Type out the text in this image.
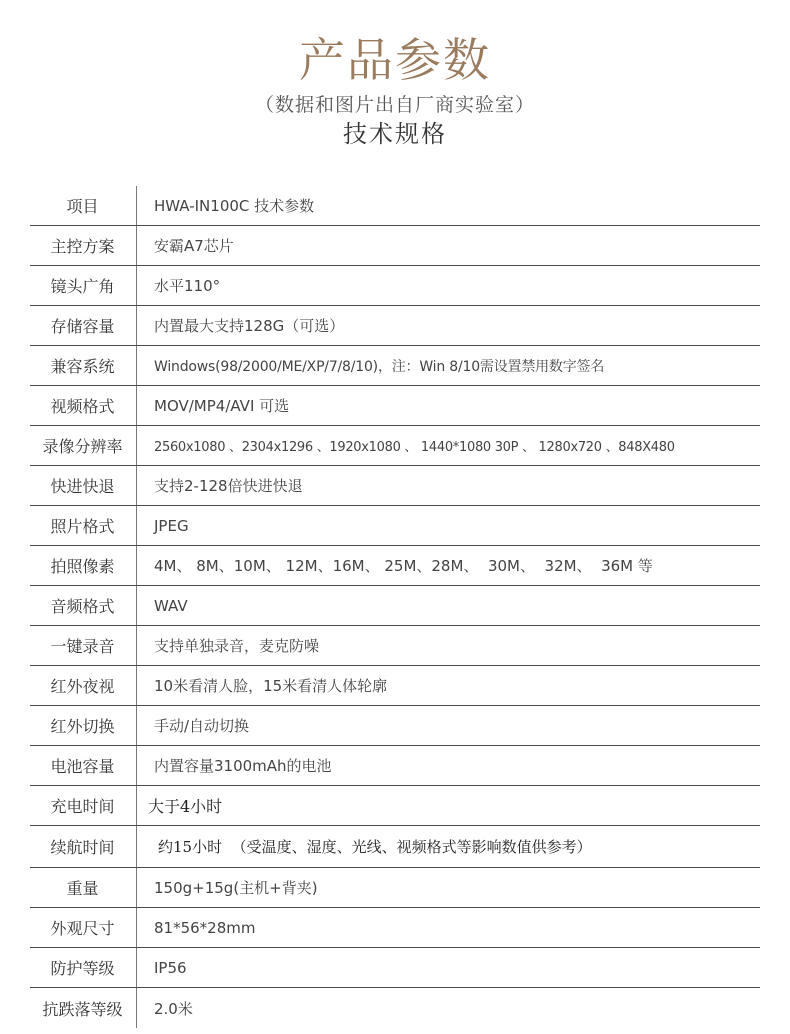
产品参数
（数据和图片出自厂商实验室）
技术规格
项目	HWA-IN100C 技术参数
主控方案	安霸A7芯片
镜头广角	水平110°
存储容量	内置最大支持128G（可选）
兼容系统	Windows(98/2000/ME/XP/7/8/10)，注：Win 8/10需设置禁用数字签名
视频格式	MOV/MP4/AVI 可选
录像分辨率	2560x1080 、2304x1296 、1920x1080 、 1440*1080 30P 、 1280x720 、848X480
快进快退	支持2-128倍快进快退
照片格式	JPEG
拍照像素	4M、 8M、10M、 12M、16M、 25M、28M、  30M、  32M、  36M 等
音频格式	WAV
一键录音	支持单独录音，麦克防噪
红外夜视	10米看清人脸，15米看清人体轮廓
红外切换	手动/自动切换
电池容量	内置容量3100mAh的电池
充电时间	大于4小时
续航时间	约15小时  （受温度、湿度、光线、视频格式等影响数值供参考）
重量	150g+15g(主机+背夹)
外观尺寸	81*56*28mm
防护等级	IP56
抗跌落等级	2.0米
